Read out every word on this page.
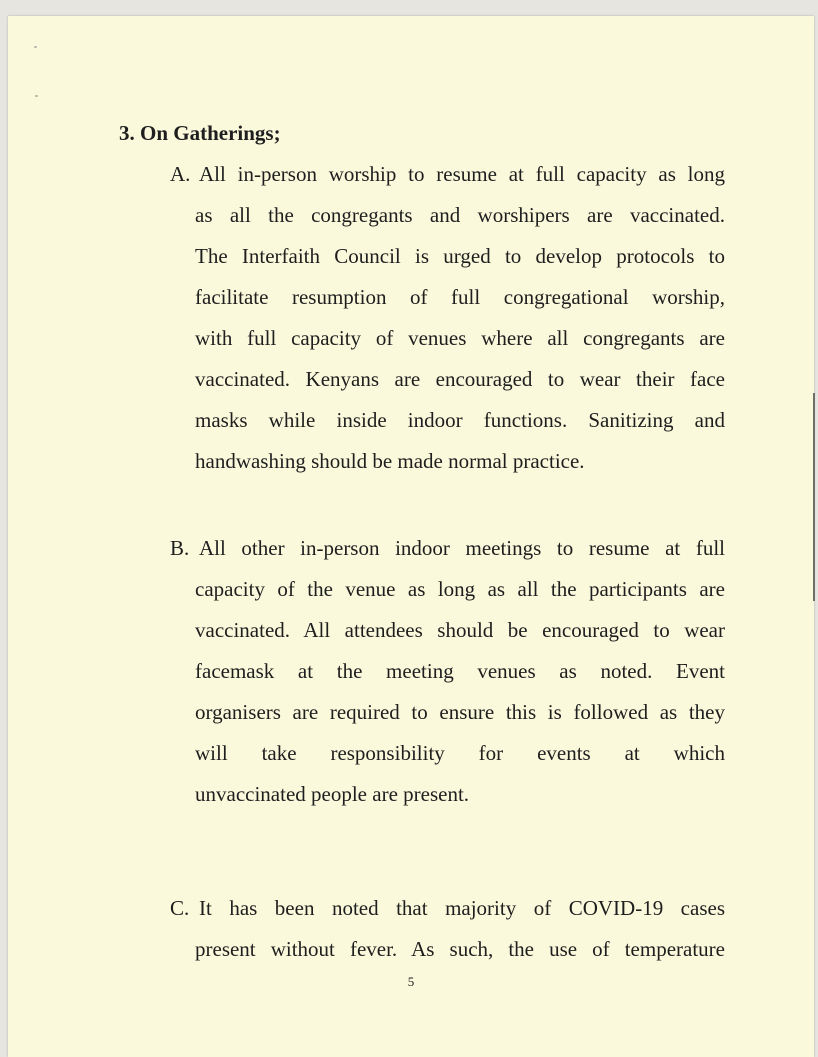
3. On Gatherings;
A. All in-person worship to resume at full capacity as long
as all the congregants and worshipers are vaccinated.
The Interfaith Council is urged to develop protocols to
facilitate resumption of full congregational worship,
with full capacity of venues where all congregants are
vaccinated. Kenyans are encouraged to wear their face
masks while inside indoor functions. Sanitizing and
handwashing should be made normal practice.
B. All other in-person indoor meetings to resume at full
capacity of the venue as long as all the participants are
vaccinated. All attendees should be encouraged to wear
facemask at the meeting venues as noted. Event
organisers are required to ensure this is followed as they
will take responsibility for events at which
unvaccinated people are present.
C. It has been noted that majority of COVID-19 cases
present without fever. As such, the use of temperature
5
